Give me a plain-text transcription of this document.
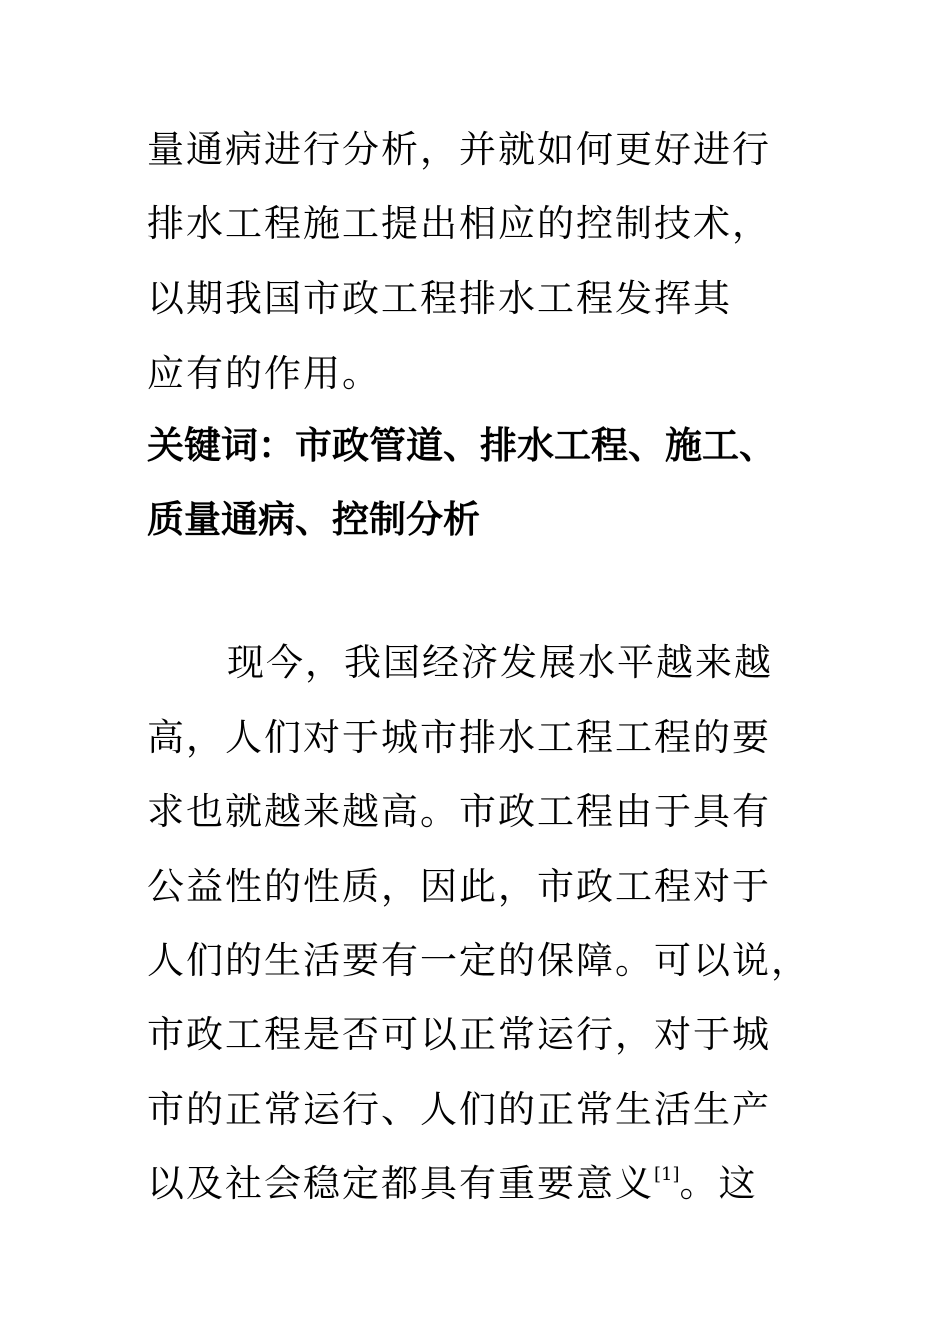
量通病进行分析，并就如何更好进行
排水工程施工提出相应的控制技术，
以期我国市政工程排水工程发挥其
应有的作用。
关键词：市政管道、排水工程、施工、
质量通病、控制分析
现今，我国经济发展水平越来越
高，人们对于城市排水工程工程的要
求也就越来越高。市政工程由于具有
公益性的性质，因此，市政工程对于
人们的生活要有一定的保障。可以说，
市政工程是否可以正常运行，对于城
市的正常运行、人们的正常生活生产
以及社会稳定都具有重要意义[1]。这
